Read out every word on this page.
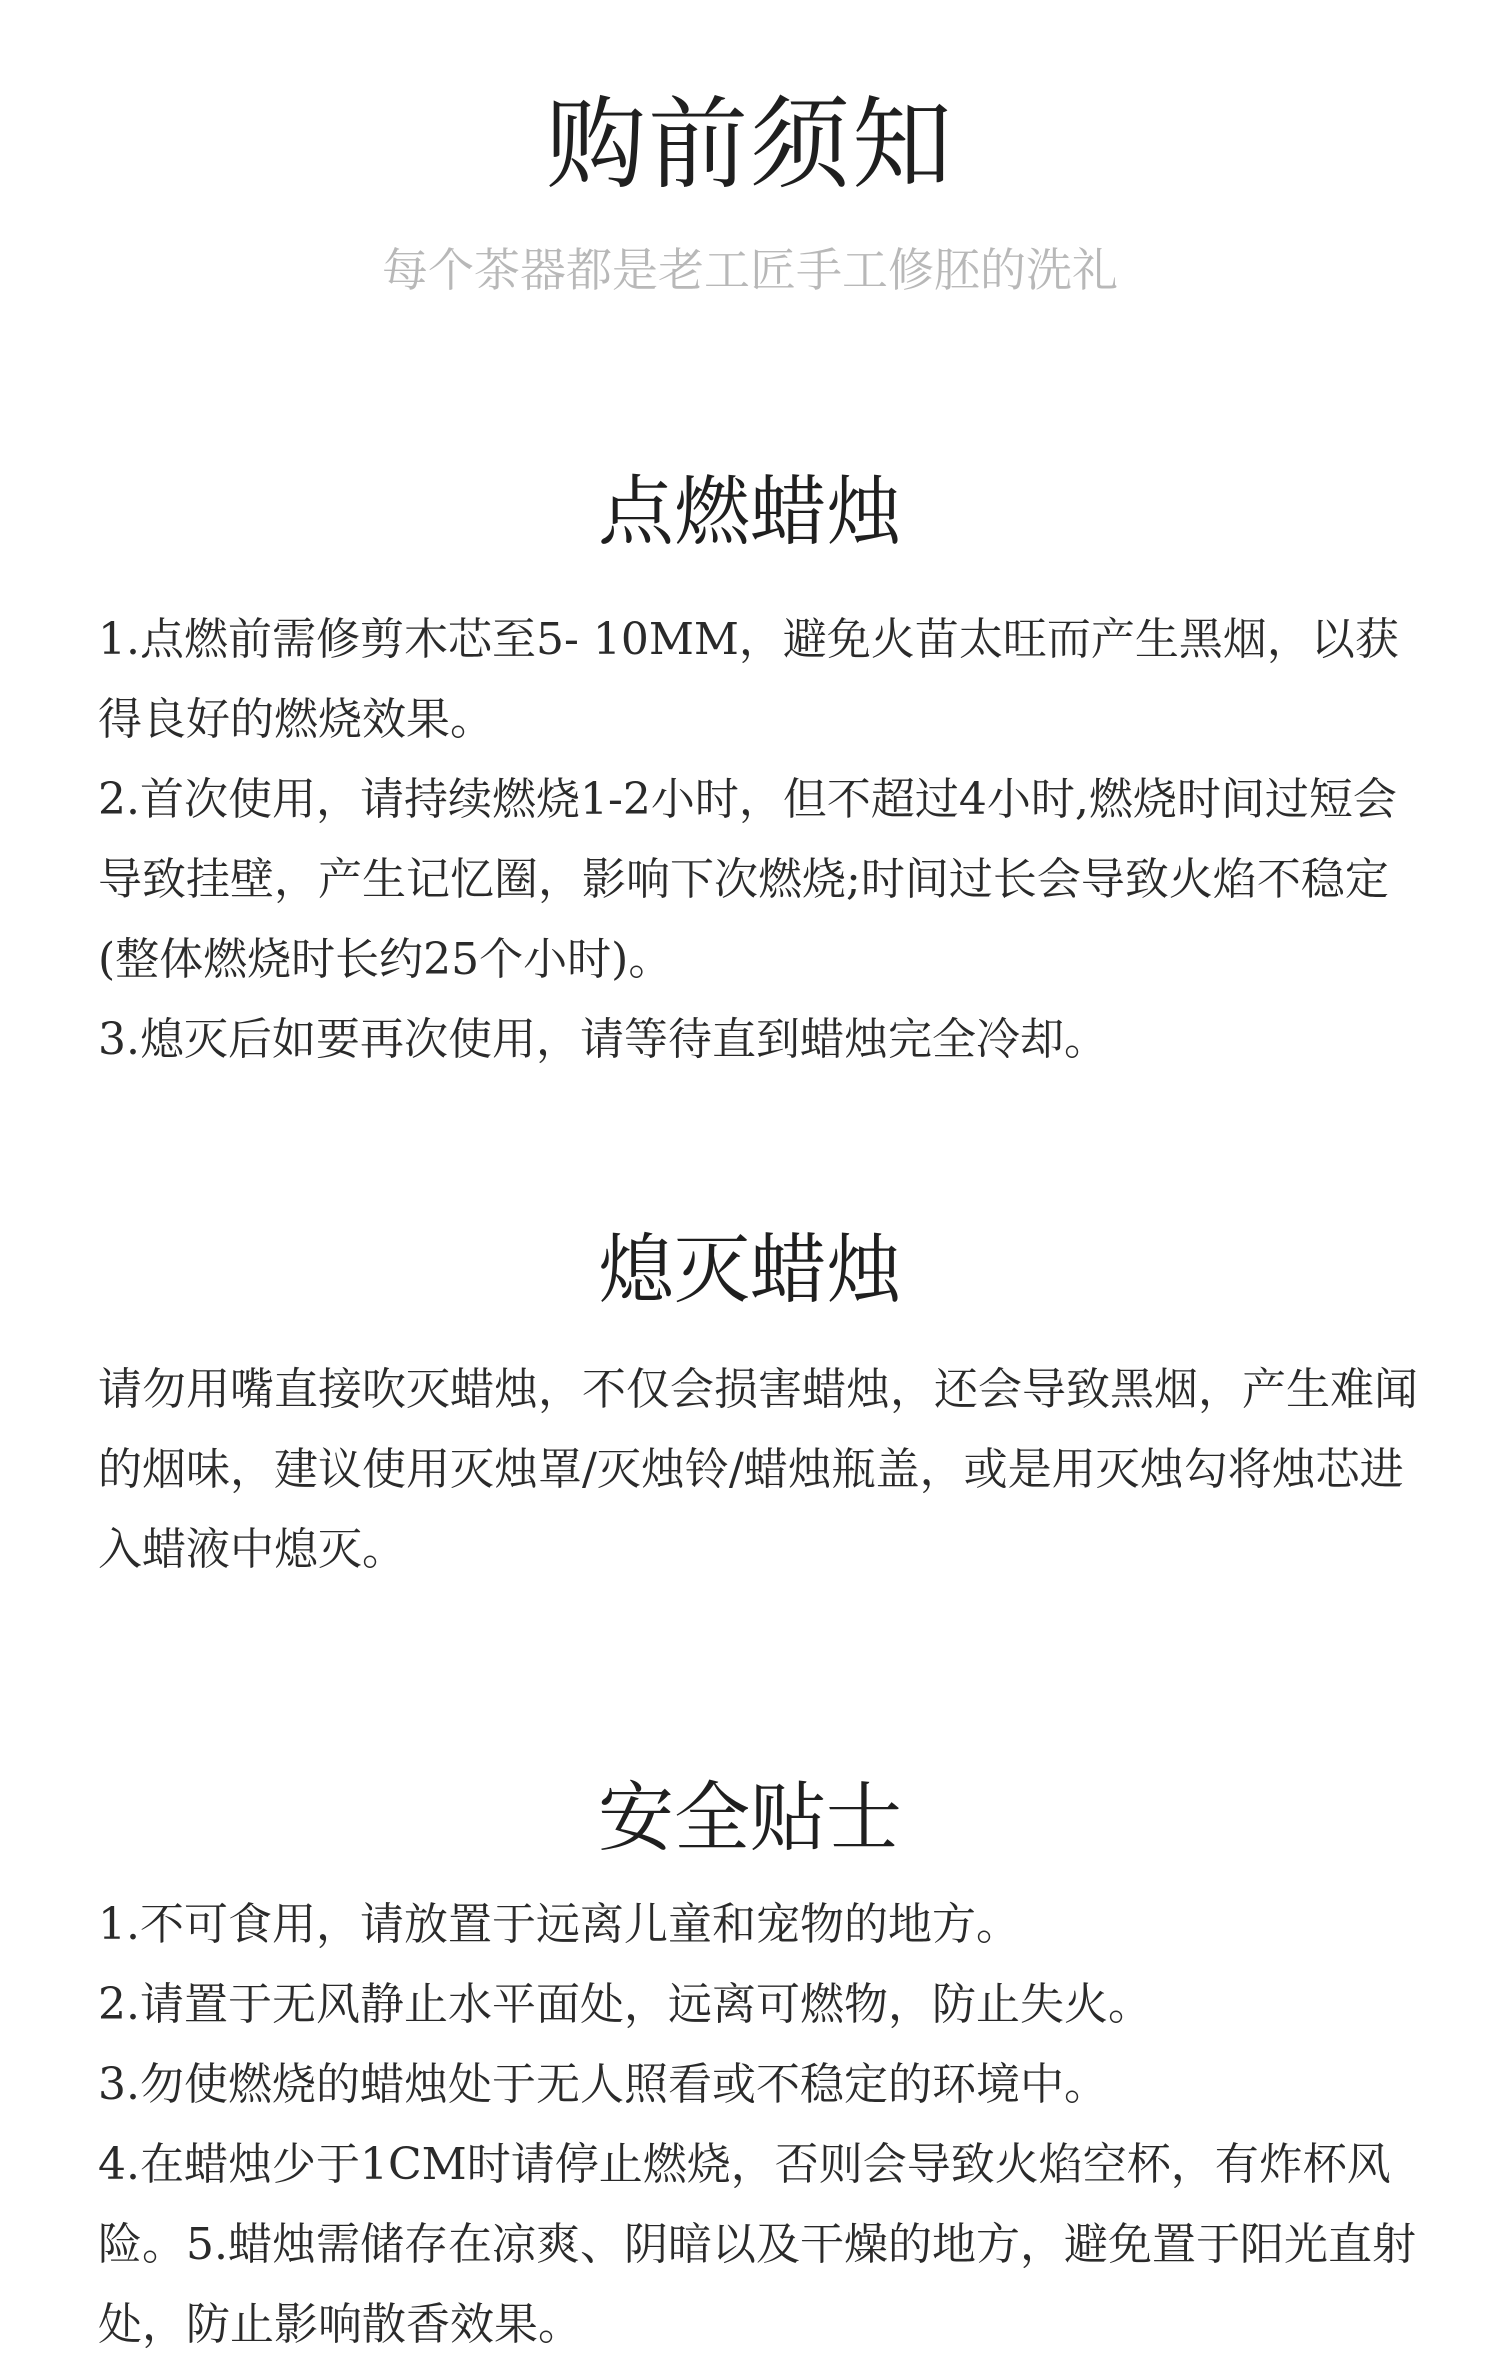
购前须知
每个茶器都是老工匠手工修胚的洗礼
点燃蜡烛

1.点燃前需修剪木芯至5- 10MM，避免火苗太旺而产生黑烟，以获得良好的燃烧效果。

2.首次使用，请持续燃烧1-2小时，但不超过4小时,燃烧时间过短会导致挂壁，产生记忆圈，影响下次燃烧;时间过长会导致火焰不稳定(整体燃烧时长约25个小时)。

3.熄灭后如要再次使用，请等待直到蜡烛完全冷却。

熄灭蜡烛

请勿用嘴直接吹灭蜡烛，不仅会损害蜡烛，还会导致黑烟，产生难闻的烟味，建议使用灭烛罩/灭烛铃/蜡烛瓶盖，或是用灭烛勾将烛芯进入蜡液中熄灭。

安全贴士

1.不可食用，请放置于远离儿童和宠物的地方。

2.请置于无风静止水平面处，远离可燃物，防止失火。

3.勿使燃烧的蜡烛处于无人照看或不稳定的环境中。

4.在蜡烛少于1CM时请停止燃烧，否则会导致火焰空杯，有炸杯风险。5.蜡烛需储存在凉爽、阴暗以及干燥的地方，避免置于阳光直射处，防止影响散香效果。
